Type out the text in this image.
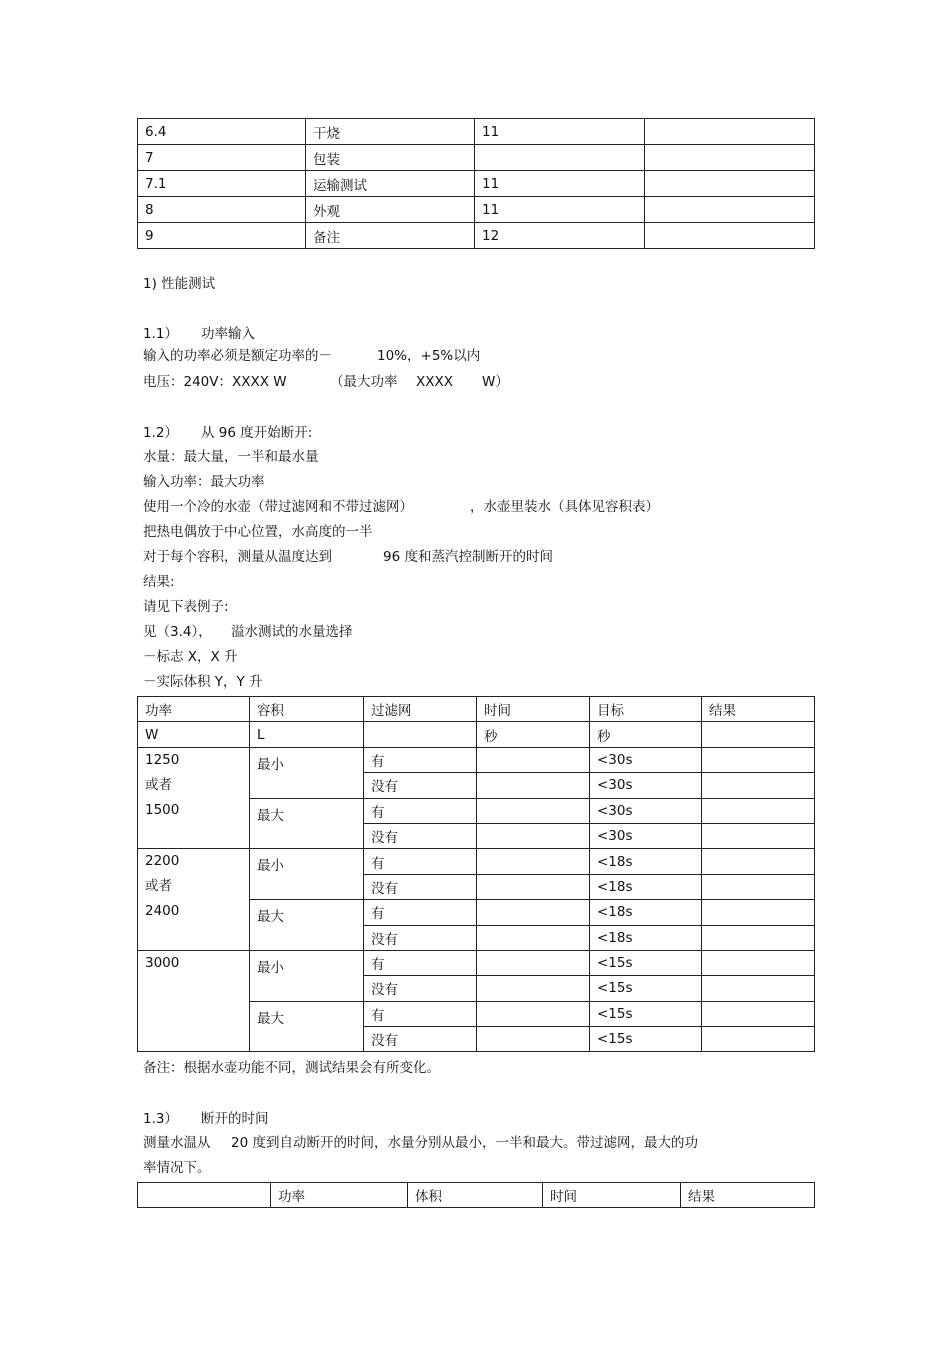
6.4	干烧	11	
7	包装		
7.1	运输测试	11	
8	外观	11	
9	备注	12	
1) 性能测试
1.1） 功率输入
输入的功率必须是额定功率的－	10%，+5%以内
电压：240V：XXXX W	（最大功率 XXXX W）
1.2） 从 96 度开始断开:
水量：最大量，一半和最水量
输入功率：最大功率
使用一个冷的水壶（带过滤网和不带过滤网）	，水壶里装水（具体见容积表）
把热电偶放于中心位置，水高度的一半
对于每个容积，测量从温度达到	96 度和蒸汽控制断开的时间
结果:
请见下表例子:
见（3.4）， 溢水测试的水量选择
－标志 X，X 升
－实际体积 Y，Y 升
功率	容积	过滤网	时间	目标	结果
W	L		秒	秒	

1250
或者
1500	最小	有		<30s	
		没有		<30s	
	最大	有		<30s	
		没有		<30s	

2200
或者
2400	最小	有		<18s	
		没有		<18s	
	最大	有		<18s	
		没有		<18s	

3000	最小	有		<15s	
		没有		<15s	
	最大	有		<15s	
		没有		<15s	
备注：根据水壶功能不同，测试结果会有所变化。
1.3） 断开的时间
测量水温从 20 度到自动断开的时间，水量分别从最小，一半和最大。带过滤网，最大的功
率情况下。
	功率	体积	时间	结果
